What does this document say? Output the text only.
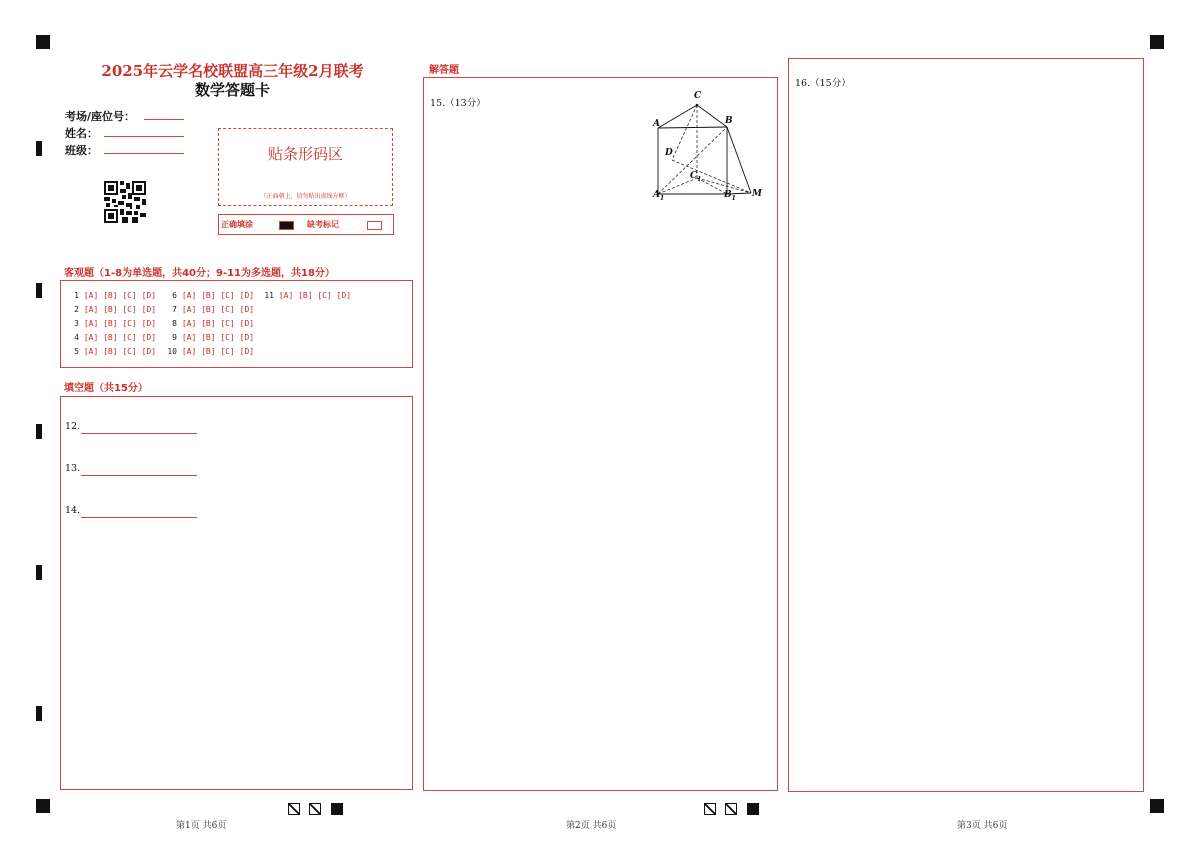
2025年云学名校联盟高三年级2月联考
数学答题卡
考场/座位号：
姓名：
班级：	贴条形码区
（正面朝上，切勿贴出虚线方框）
正确填涂	缺考标记
客观题（1-8为单选题，共40分；9-11为多选题，共18分）
1 [A] [B] [C] [D]
2 [A] [B] [C] [D]
3 [A] [B] [C] [D]
4 [A] [B] [C] [D]
5 [A] [B] [C] [D]
6 [A] [B] [C] [D]
7 [A] [B] [C] [D]
8 [A] [B] [C] [D]
9 [A] [B] [C] [D]
10 [A] [B] [C] [D]
11 [A] [B] [C] [D]
填空题（共15分）
12.
13.
14.
解答题
15.（13分）
C
A	B
D
$C_1$
$A_1$	$B_1$ M
16.（15分）
第1页 共6页	第2页 共6页	第3页 共6页
